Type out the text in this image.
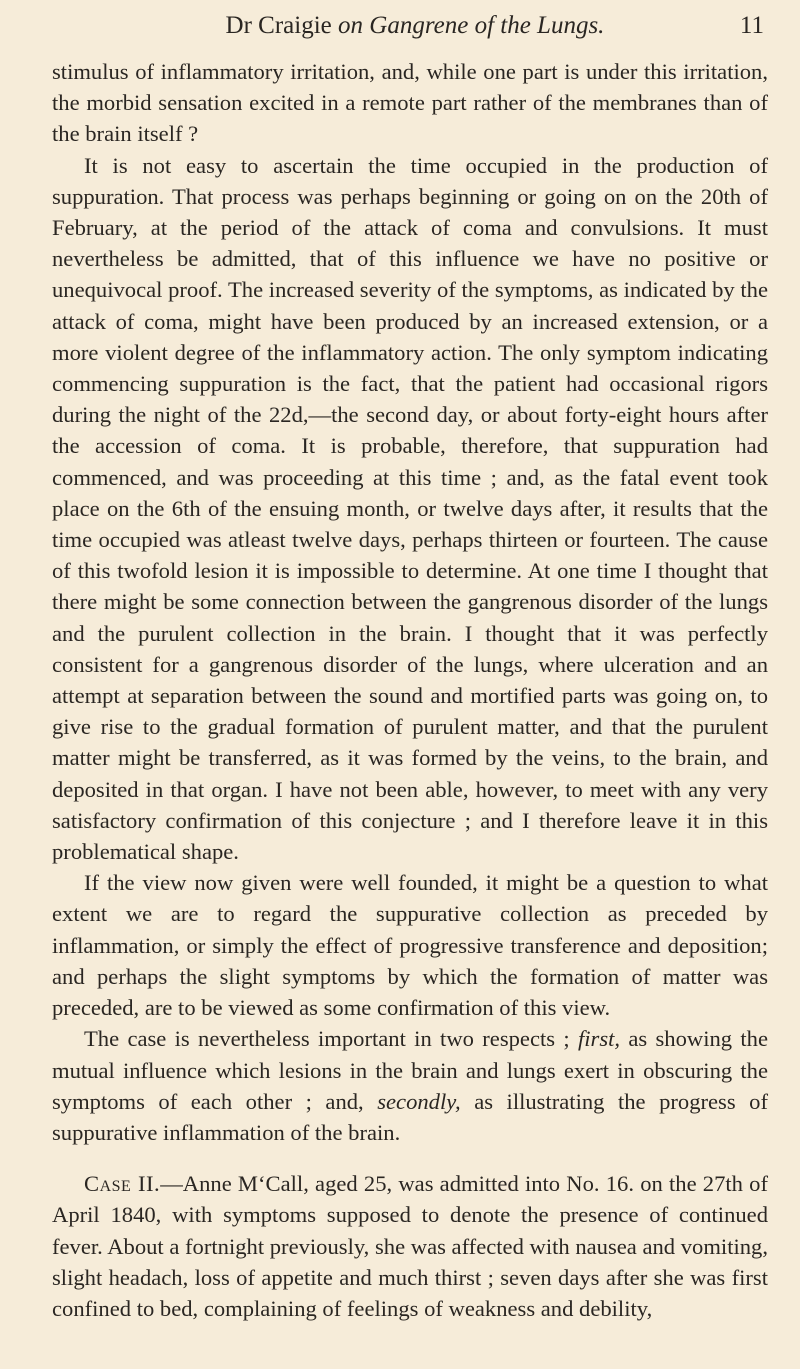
Dr Craigie on Gangrene of the Lungs.	11

stimulus of inflammatory irritation, and, while one part is under this irritation, the morbid sensation excited in a remote part rather of the membranes than of the brain itself ?

It is not easy to ascertain the time occupied in the production of suppuration. That process was perhaps beginning or going on on the 20th of February, at the period of the attack of coma and convulsions. It must nevertheless be admitted, that of this influence we have no positive or unequivocal proof. The increased severity of the symptoms, as indicated by the attack of coma, might have been produced by an increased extension, or a more violent degree of the inflammatory action. The only symptom indicating commencing suppuration is the fact, that the patient had occasional rigors during the night of the 22d,—the second day, or about forty-eight hours after the accession of coma. It is probable, therefore, that suppuration had commenced, and was proceeding at this time ; and, as the fatal event took place on the 6th of the ensuing month, or twelve days after, it results that the time occupied was atleast twelve days, perhaps thirteen or fourteen. The cause of this twofold lesion it is impossible to determine. At one time I thought that there might be some connection between the gangrenous disorder of the lungs and the purulent collection in the brain. I thought that it was perfectly consistent for a gangrenous disorder of the lungs, where ulceration and an attempt at separation between the sound and mortified parts was going on, to give rise to the gradual formation of purulent matter, and that the purulent matter might be transferred, as it was formed by the veins, to the brain, and deposited in that organ. I have not been able, however, to meet with any very satisfactory confirmation of this conjecture ; and I therefore leave it in this problematical shape.

If the view now given were well founded, it might be a question to what extent we are to regard the suppurative collection as preceded by inflammation, or simply the effect of progressive transference and deposition; and perhaps the slight symptoms by which the formation of matter was preceded, are to be viewed as some confirmation of this view.

The case is nevertheless important in two respects ; first, as showing the mutual influence which lesions in the brain and lungs exert in obscuring the symptoms of each other ; and, secondly, as illustrating the progress of suppurative inflammation of the brain.

Case II.—Anne M‘Call, aged 25, was admitted into No. 16. on the 27th of April 1840, with symptoms supposed to denote the presence of continued fever. About a fortnight previously, she was affected with nausea and vomiting, slight headach, loss of appetite and much thirst ; seven days after she was first confined to bed, complaining of feelings of weakness and debility,
